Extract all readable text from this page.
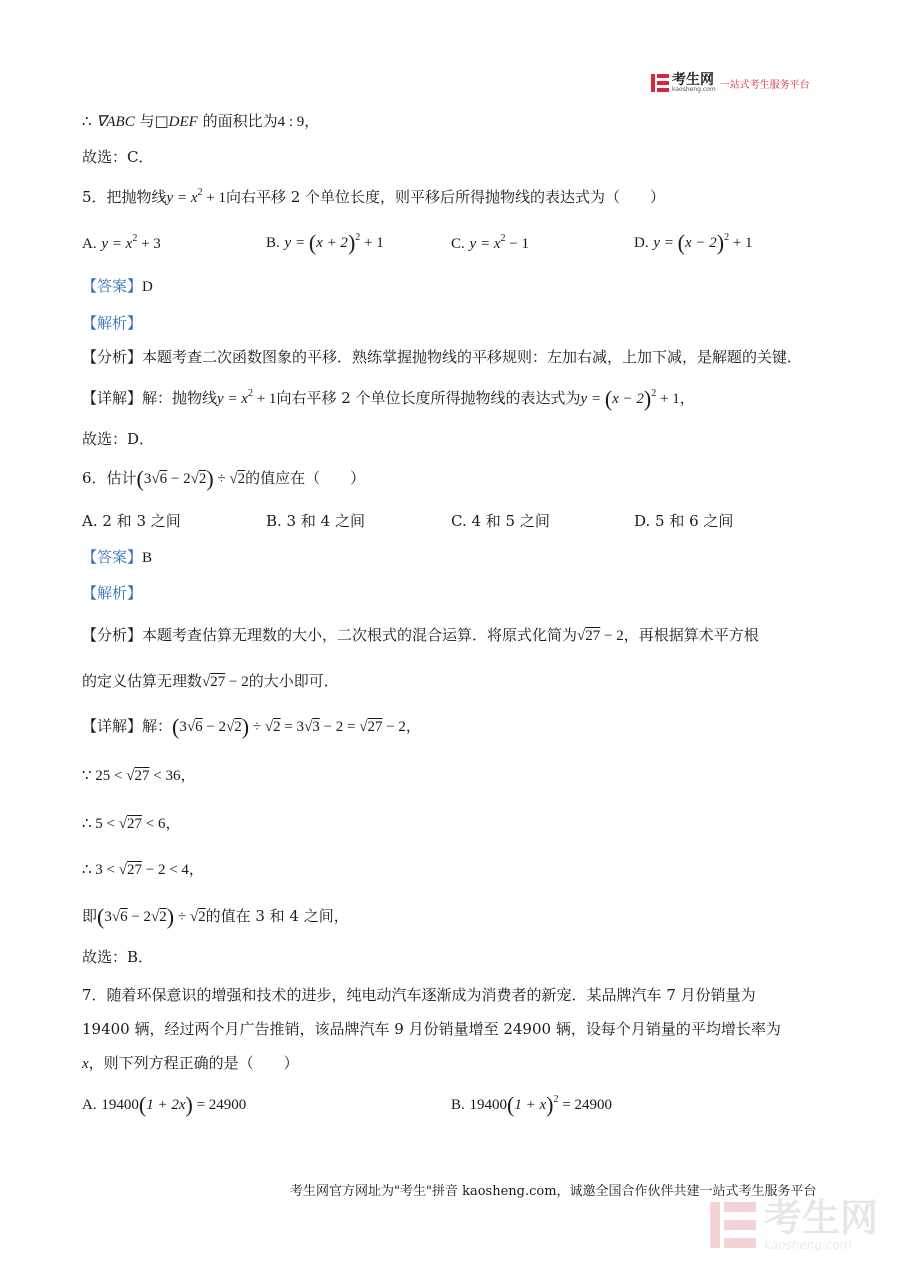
考生网
kaosheng.com 一站式考生服务平台
∴ ∇ABC 与□DEF 的面积比为4 : 9，
故选：C．
5．把抛物线$y = x^2 + 1$向右平移 2 个单位长度，则平移后所得抛物线的表达式为（　　）
A. $y = x^2 + 3$	B. $y = (x + 2)^2 + 1$	C. $y = x^2 - 1$	D. $y = (x - 2)^2 + 1$
【答案】D
【解析】
【分析】本题考查二次函数图象的平移．熟练掌握抛物线的平移规则：左加右减，上加下减，是解题的关键．
【详解】解：抛物线$y = x^2 + 1$向右平移 2 个单位长度所得抛物线的表达式为$y = (x - 2)^2 + 1$，
故选：D．
6．估计(3√6 − 2√2) ÷ √2的值应在（　　）
A. 2 和 3 之间	B. 3 和 4 之间	C. 4 和 5 之间	D. 5 和 6 之间
【答案】B
【解析】
【分析】本题考查估算无理数的大小，二次根式的混合运算．将原式化简为√27 − 2，再根据算术平方根
的定义估算无理数√27 − 2的大小即可．
【详解】解：(3√6 − 2√2) ÷ √2 = 3√3 − 2 = √27 − 2，
∵ 25 < √27 < 36，
∴ 5 < √27 < 6，
∴ 3 < √27 − 2 < 4，
即(3√6 − 2√2) ÷ √2的值在 3 和 4 之间，
故选：B．
7．随着环保意识的增强和技术的进步，纯电动汽车逐渐成为消费者的新宠．某品牌汽车 7 月份销量为
19400 辆，经过两个月广告推销，该品牌汽车 9 月份销量增至 24900 辆，设每个月销量的平均增长率为
x，则下列方程正确的是（　　）
A. 19400(1 + 2x) = 24900	B. $19400(1 + x)^2 = 24900$
考生网官方网址为"考生"拼音 kaosheng.com，诚邀全国合作伙伴共建一站式考生服务平台
考生网
kaosheng.com
